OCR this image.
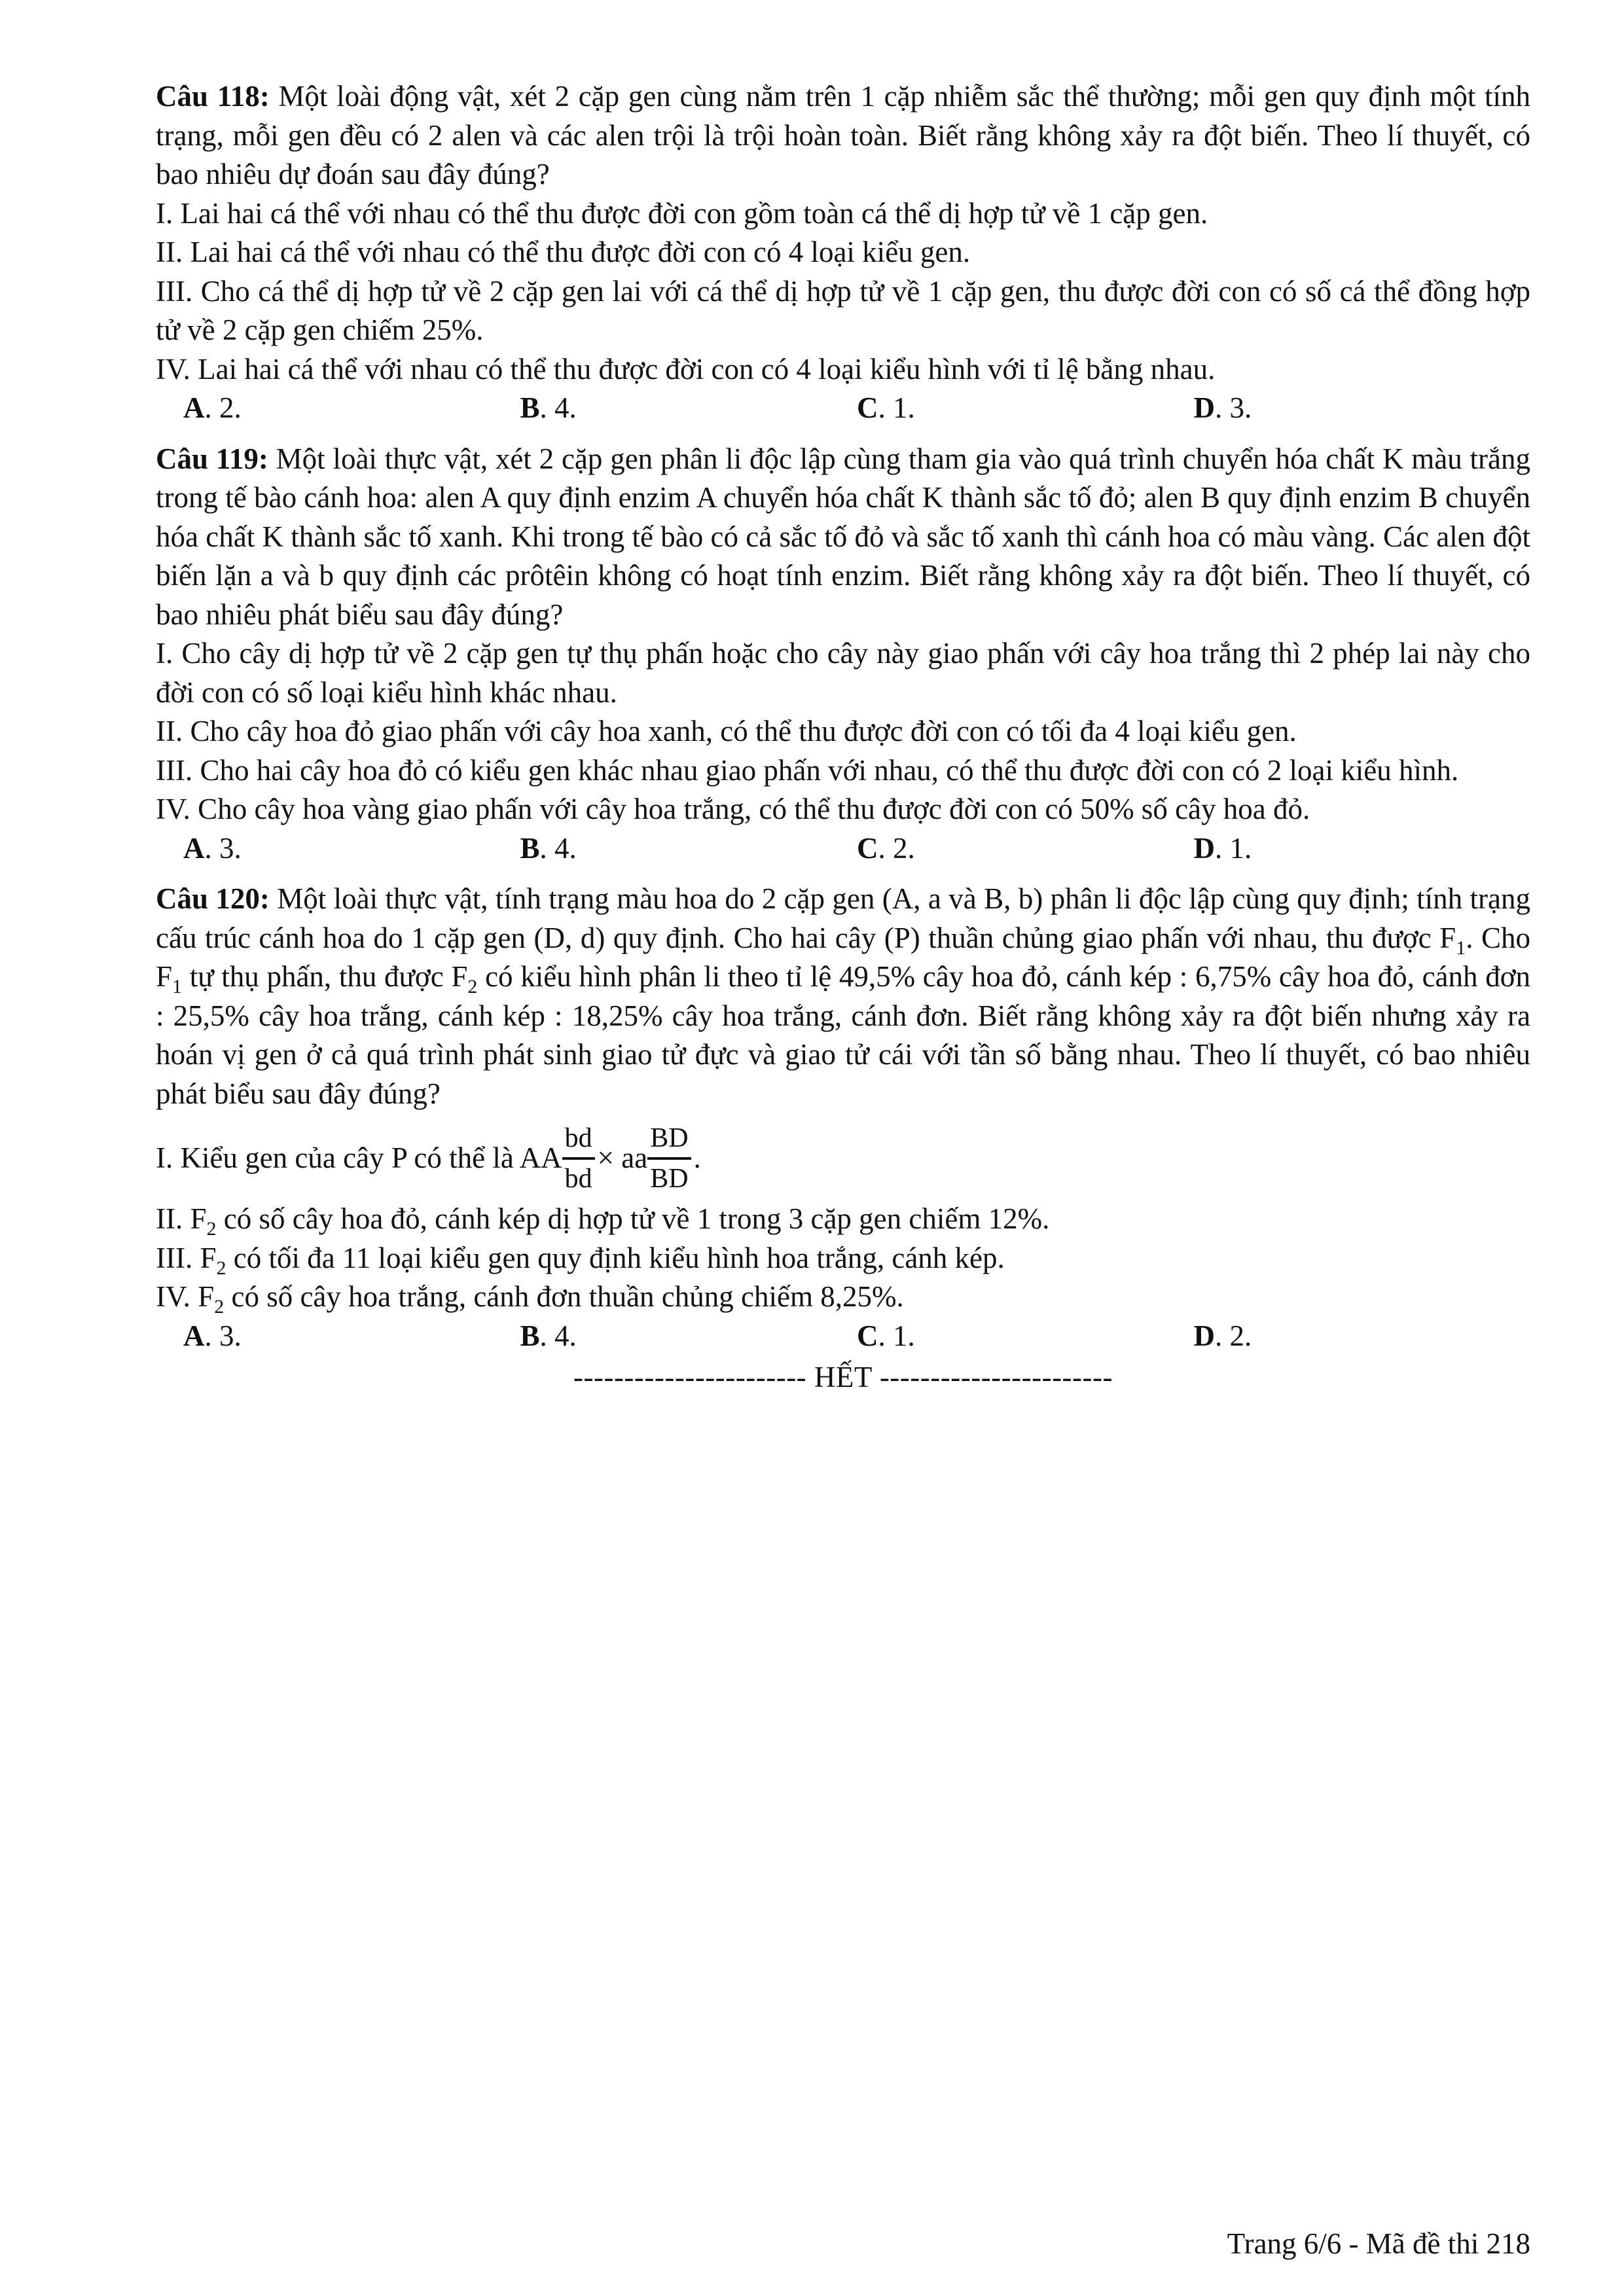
Câu 118: Một loài động vật, xét 2 cặp gen cùng nằm trên 1 cặp nhiễm sắc thể thường; mỗi gen quy định một tính trạng, mỗi gen đều có 2 alen và các alen trội là trội hoàn toàn. Biết rằng không xảy ra đột biến. Theo lí thuyết, có bao nhiêu dự đoán sau đây đúng?

I. Lai hai cá thể với nhau có thể thu được đời con gồm toàn cá thể dị hợp tử về 1 cặp gen.

II. Lai hai cá thể với nhau có thể thu được đời con có 4 loại kiểu gen.

III. Cho cá thể dị hợp tử về 2 cặp gen lai với cá thể dị hợp tử về 1 cặp gen, thu được đời con có số cá thể đồng hợp tử về 2 cặp gen chiếm 25%.

IV. Lai hai cá thể với nhau có thể thu được đời con có 4 loại kiểu hình với tỉ lệ bằng nhau.

A. 2.	B. 4.	C. 1.	D. 3.

Câu 119: Một loài thực vật, xét 2 cặp gen phân li độc lập cùng tham gia vào quá trình chuyển hóa chất K màu trắng trong tế bào cánh hoa: alen A quy định enzim A chuyển hóa chất K thành sắc tố đỏ; alen B quy định enzim B chuyển hóa chất K thành sắc tố xanh. Khi trong tế bào có cả sắc tố đỏ và sắc tố xanh thì cánh hoa có màu vàng. Các alen đột biến lặn a và b quy định các prôtêin không có hoạt tính enzim. Biết rằng không xảy ra đột biến. Theo lí thuyết, có bao nhiêu phát biểu sau đây đúng?

I. Cho cây dị hợp tử về 2 cặp gen tự thụ phấn hoặc cho cây này giao phấn với cây hoa trắng thì 2 phép lai này cho đời con có số loại kiểu hình khác nhau.

II. Cho cây hoa đỏ giao phấn với cây hoa xanh, có thể thu được đời con có tối đa 4 loại kiểu gen.

III. Cho hai cây hoa đỏ có kiểu gen khác nhau giao phấn với nhau, có thể thu được đời con có 2 loại kiểu hình.

IV. Cho cây hoa vàng giao phấn với cây hoa trắng, có thể thu được đời con có 50% số cây hoa đỏ.

A. 3.	B. 4.	C. 2.	D. 1.

Câu 120: Một loài thực vật, tính trạng màu hoa do 2 cặp gen (A, a và B, b) phân li độc lập cùng quy định; tính trạng cấu trúc cánh hoa do 1 cặp gen (D, d) quy định. Cho hai cây (P) thuần chủng giao phấn với nhau, thu được $F_1$. Cho $F_1$ tự thụ phấn, thu được $F_2$ có kiểu hình phân li theo tỉ lệ 49,5% cây hoa đỏ, cánh kép : 6,75% cây hoa đỏ, cánh đơn : 25,5% cây hoa trắng, cánh kép : 18,25% cây hoa trắng, cánh đơn. Biết rằng không xảy ra đột biến nhưng xảy ra hoán vị gen ở cả quá trình phát sinh giao tử đực và giao tử cái với tần số bằng nhau. Theo lí thuyết, có bao nhiêu phát biểu sau đây đúng?

I. Kiểu gen của cây P có thể là AA $\frac{bd}{bd}$ × aa $\frac{BD}{BD}$ .

II. $F_2$ có số cây hoa đỏ, cánh kép dị hợp tử về 1 trong 3 cặp gen chiếm 12%.

III. $F_2$ có tối đa 11 loại kiểu gen quy định kiểu hình hoa trắng, cánh kép.

IV. $F_2$ có số cây hoa trắng, cánh đơn thuần chủng chiếm 8,25%.

A. 3.	B. 4.	C. 1.	D. 2.
----------------------- HẾT -----------------------
Trang 6/6 - Mã đề thi 218
